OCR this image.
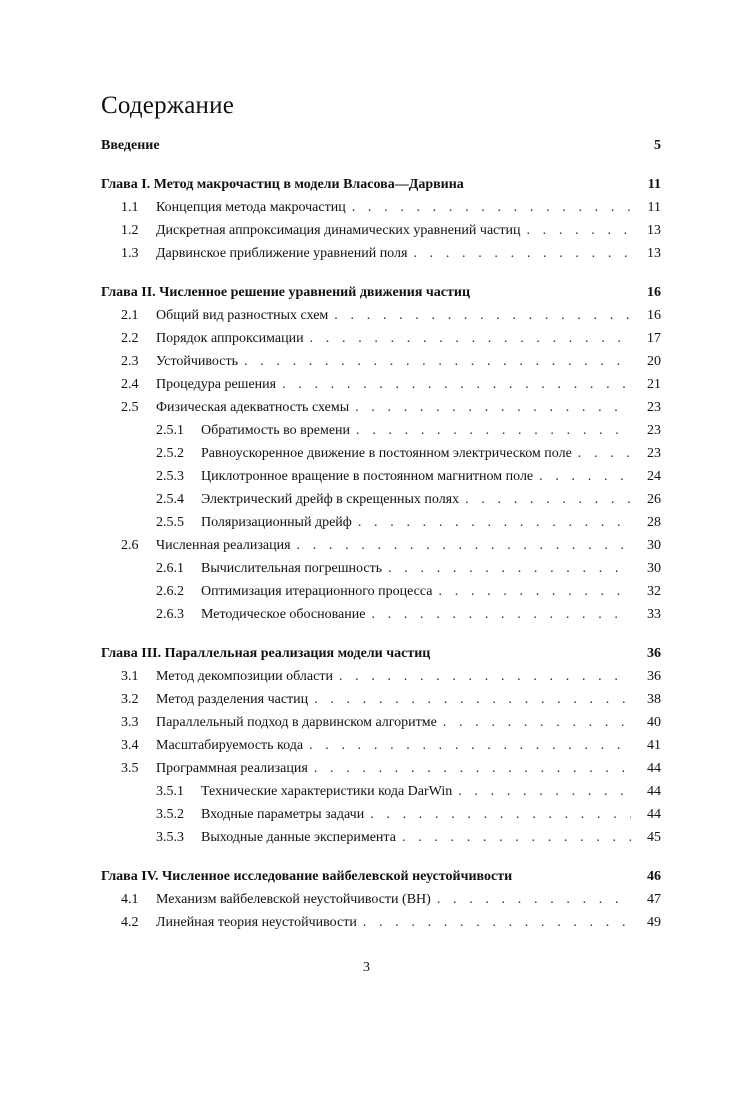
Содержание
Введение	5
Глава I. Метод макрочастиц в модели Власова—Дарвина	11
1.1	Концепция метода макрочастиц . . .	11
1.2	Дискретная аппроксимация динамических уравнений частиц . . .	13
1.3	Дарвинское приближение уравнений поля . . .	13
Глава II. Численное решение уравнений движения частиц	16
2.1	Общий вид разностных схем . . .	16
2.2	Порядок аппроксимации . . .	17
2.3	Устойчивость . . .	20
2.4	Процедура решения . . .	21
2.5	Физическая адекватность схемы . . .	23
2.5.1	Обратимость во времени . . .	23
2.5.2	Равноускоренное движение в постоянном электрическом поле . . .	23
2.5.3	Циклотронное вращение в постоянном магнитном поле . . .	24
2.5.4	Электрический дрейф в скрещенных полях . . .	26
2.5.5	Поляризационный дрейф . . .	28
2.6	Численная реализация . . .	30
2.6.1	Вычислительная погрешность . . .	30
2.6.2	Оптимизация итерационного процесса . . .	32
2.6.3	Методическое обоснование . . .	33
Глава III. Параллельная реализация модели частиц	36
3.1	Метод декомпозиции области . . .	36
3.2	Метод разделения частиц . . .	38
3.3	Параллельный подход в дарвинском алгоритме . . .	40
3.4	Масштабируемость кода . . .	41
3.5	Программная реализация . . .	44
3.5.1	Технические характеристики кода DarWin . . .	44
3.5.2	Входные параметры задачи . . .	44
3.5.3	Выходные данные эксперимента . . .	45
Глава IV. Численное исследование вайбелевской неустойчивости	46
4.1	Механизм вайбелевской неустойчивости (ВН) . . .	47
4.2	Линейная теория неустойчивости . . .	49
3
